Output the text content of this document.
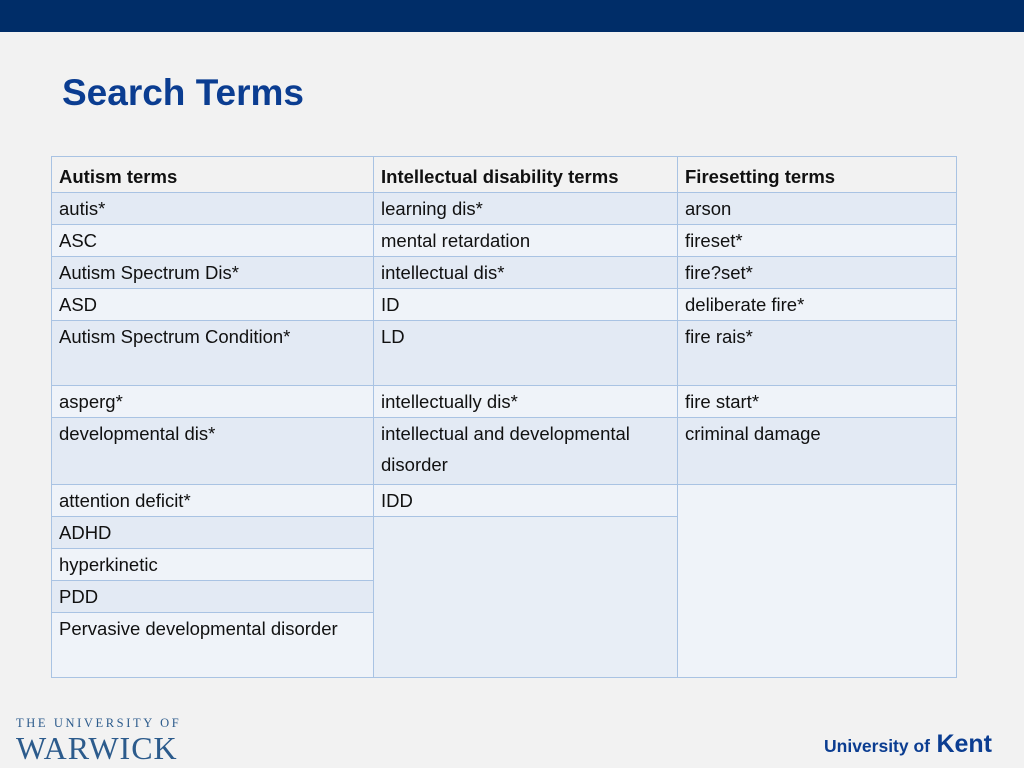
Search Terms
Autism terms	Intellectual disability terms	Firesetting terms
autis*	learning dis*	arson
ASC	mental retardation	fireset*
Autism Spectrum Dis*	intellectual dis*	fire?set*
ASD	ID	deliberate fire*
Autism Spectrum Condition*	LD	fire rais*
asperg*	intellectually dis*	fire start*
developmental dis*	intellectual and developmental disorder	criminal damage
attention deficit*	IDD	
ADHD		
hyperkinetic		
PDD		
Pervasive developmental disorder		
THE UNIVERSITY OF
WARWICK	University of Kent
